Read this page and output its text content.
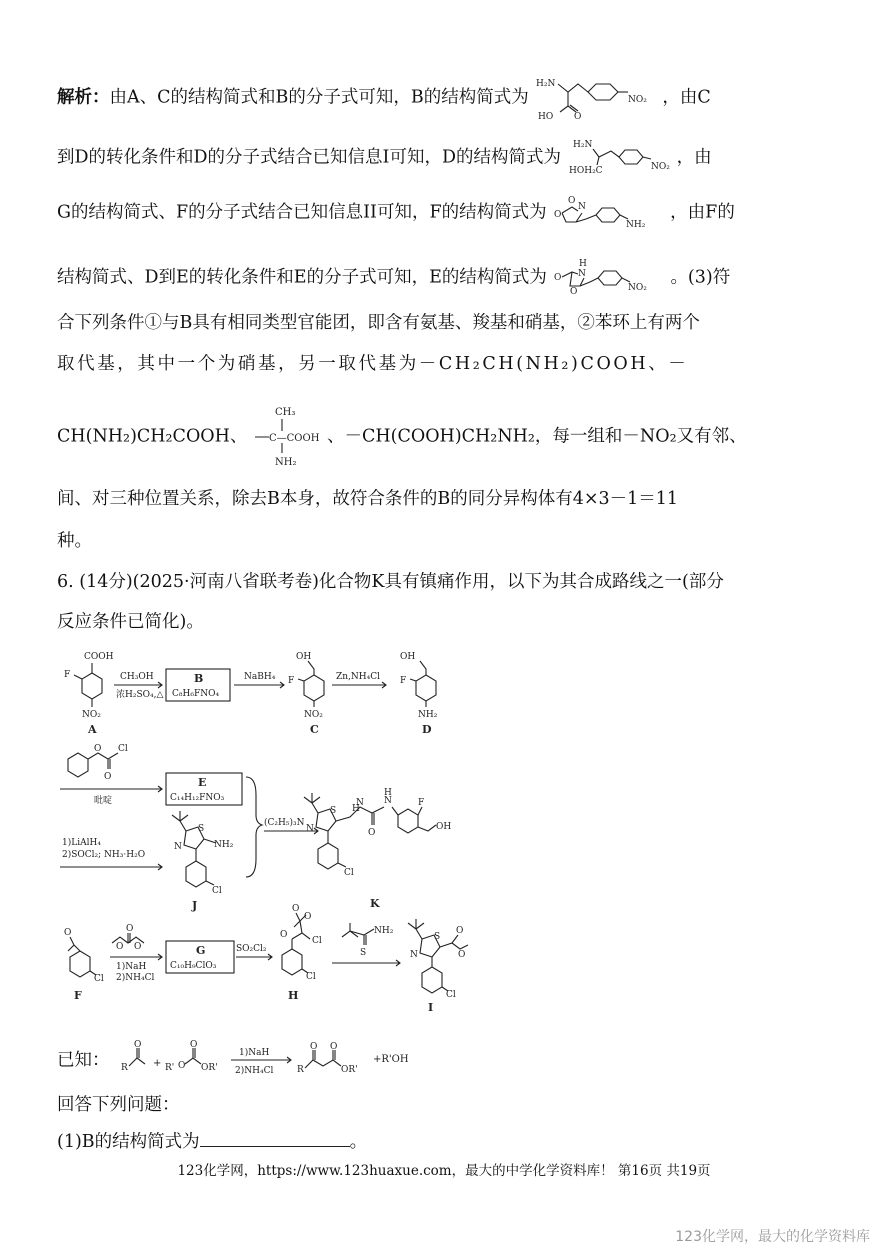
解析：由A、C的结构简式和B的分子式可知，B的结构简式为
H₂N
HO O
NO₂ ，由C
到D的转化条件和D的分子式结合已知信息I可知，D的结构简式为
H₂N
HOH₂C	NO₂ ，由
G的结构简式、F的分子式结合已知信息II可知，F的结构简式为
O
O
N
NH₂
，由F的
结构简式、D到E的转化条件和E的分子式可知，E的结构简式为
H
N
O
O	NO₂
。(3)符
合下列条件①与B具有相同类型官能团，即含有氨基、羧基和硝基，②苯环上有两个
取代基，其中一个为硝基，另一取代基为－CH₂CH(NH₂)COOH、－
CH(NH₂)CH₂COOH、
CH₃
C—COOH
NH₂
、－CH(COOH)CH₂NH₂，每一组和－NO₂又有邻、
间、对三种位置关系，除去B本身，故符合条件的B的同分异构体有4×3－1＝11
种。
6. (14分)(2025·河南八省联考卷)化合物K具有镇痛作用，以下为其合成路线之一(部分
反应条件已简化)。
COOH
F
NO₂
A
CH₃OH
浓H₂SO₄,△
B
C₈H₆FNO₄
NaBH₄
OH
F
NO₂
C
Zn,NH₄Cl
OH
F
NH₂
D
O Cl
O
吡啶
E
C₁₄H₁₂FNO₃
1)LiAlH₄
2)SOCl₂; NH₃·H₂O
S
N	NH₂
Cl
J
(C₂H₅)₃N
S
N
H
N
O
N
H
F
OH
Cl
K
O
Cl
F
O O
O
1)NaH
2)NH₄Cl
G
C₁₀H₉ClO₃
SO₂Cl₂
O
O
Cl
O
Cl
H
NH₂
S
S
N
O
O
Cl
I
已知： R
O
+ R' O
O
OR'
1)NaH
2)NH₄Cl	R
O O
OR'
+R'OH
回答下列问题：
(1)B的结构简式为	。
123化学网，https://www.123huaxue.com，最大的中学化学资料库！ 第16页 共19页
123化学网，最大的化学资料库
